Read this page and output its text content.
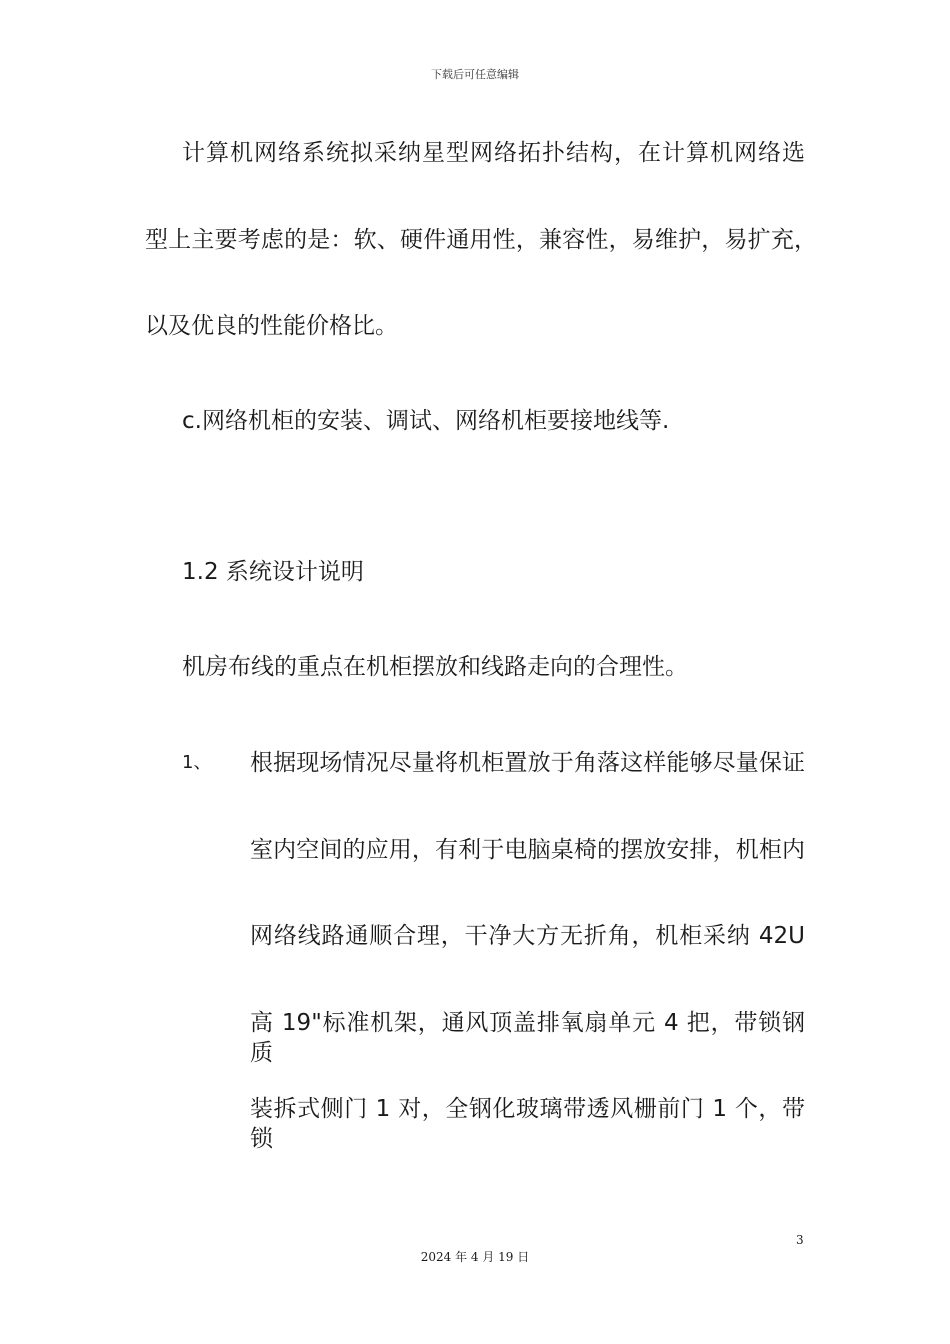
下载后可任意编辑
计算机网络系统拟采纳星型网络拓扑结构，在计算机网络选
型上主要考虑的是：软、硬件通用性，兼容性，易维护，易扩充，
以及优良的性能价格比。
c.网络机柜的安装、调试、网络机柜要接地线等.
1.2 系统设计说明
机房布线的重点在机柜摆放和线路走向的合理性。
1、 根据现场情况尽量将机柜置放于角落这样能够尽量保证
室内空间的应用，有利于电脑桌椅的摆放安排，机柜内
网络线路通顺合理，干净大方无折角，机柜采纳 42U
高 19"标准机架，通风顶盖排氧扇单元 4 把，带锁钢质
装拆式侧门 1 对，全钢化玻璃带透风栅前门 1 个，带锁
3
2024 年 4 月 19 日
